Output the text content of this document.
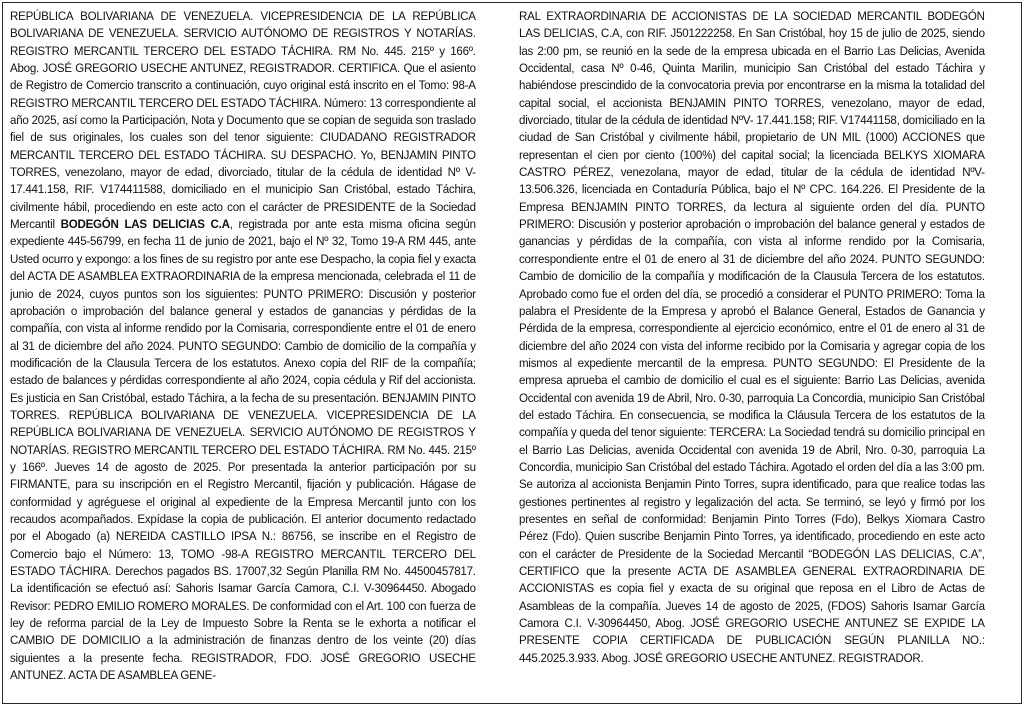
REPÚBLICA BOLIVARIANA DE VENEZUELA. VICEPRESIDENCIA DE LA REPÚBLICA BOLIVARIANA DE VENEZUELA. SERVICIO AUTÓNOMO DE REGISTROS Y NOTARÍAS. REGISTRO MERCANTIL TERCERO DEL ESTADO TÁCHIRA. RM No. 445. 215º y 166º. Abog. JOSÉ GREGORIO USECHE ANTUNEZ, REGISTRADOR. CERTIFICA. Que el asiento de Registro de Comercio transcrito a continuación, cuyo original está inscrito en el Tomo: 98-A REGISTRO MERCANTIL TERCERO DEL ESTADO TÁCHIRA. Número: 13 correspondiente al año 2025, así como la Participación, Nota y Documento que se copian de seguida son traslado fiel de sus originales, los cuales son del tenor siguiente: CIUDADANO REGISTRADOR MERCANTIL TERCERO DEL ESTADO TÁCHIRA. SU DESPACHO. Yo, BENJAMIN PINTO TORRES, venezolano, mayor de edad, divorciado, titular de la cédula de identidad Nº V- 17.441.158, RIF. V174411588, domiciliado en el municipio San Cristóbal, estado Táchira, civilmente hábil, procediendo en este acto con el carácter de PRESIDENTE de la Sociedad Mercantil BODEGÓN LAS DELICIAS C.A, registrada por ante esta misma oficina según expediente 445-56799, en fecha 11 de junio de 2021, bajo el Nº 32, Tomo 19-A RM 445, ante Usted ocurro y expongo: a los fines de su registro por ante ese Despacho, la copia fiel y exacta del ACTA DE ASAMBLEA EXTRAORDINARIA de la empresa mencionada, celebrada el 11 de junio de 2024, cuyos puntos son los siguientes: PUNTO PRIMERO: Discusión y posterior aprobación o improbación del balance general y estados de ganancias y pérdidas de la compañía, con vista al informe rendido por la Comisaria, correspondiente entre el 01 de enero al 31 de diciembre del año 2024. PUNTO SEGUNDO: Cambio de domicilio de la compañía y modificación de la Clausula Tercera de los estatutos. Anexo copia del RIF de la compañía; estado de balances y pérdidas correspondiente al año 2024, copia cédula y Rif del accionista. Es justicia en San Cristóbal, estado Táchira, a la fecha de su presentación. BENJAMIN PINTO TORRES. REPÚBLICA BOLIVARIANA DE VENEZUELA. VICEPRESIDENCIA DE LA REPÚBLICA BOLIVARIANA DE VENEZUELA. SERVICIO AUTÓNOMO DE REGISTROS Y NOTARÍAS. REGISTRO MERCANTIL TERCERO DEL ESTADO TÁCHIRA. RM No. 445. 215º y 166º. Jueves 14 de agosto de 2025. Por presentada la anterior participación por su FIRMANTE, para su inscripción en el Registro Mercantil, fijación y publicación. Hágase de conformidad y agréguese el original al expediente de la Empresa Mercantil junto con los recaudos acompañados. Expídase la copia de publicación. El anterior documento redactado por el Abogado (a) NEREIDA CASTILLO IPSA N.: 86756, se inscribe en el Registro de Comercio bajo el Número: 13, TOMO -98-A REGISTRO MERCANTIL TERCERO DEL ESTADO TÁCHIRA. Derechos pagados BS. 17007,32 Según Planilla RM No. 44500457817. La identificación se efectuó así: Sahoris Isamar García Camora, C.I. V-30964450. Abogado Revisor: PEDRO EMILIO ROMERO MORALES. De conformidad con el Art. 100 con fuerza de ley de reforma parcial de la Ley de Impuesto Sobre la Renta se le exhorta a notificar el CAMBIO DE DOMICILIO a la administración de finanzas dentro de los veinte (20) días siguientes a la presente fecha. REGISTRADOR, FDO. JOSÉ GREGORIO USECHE ANTUNEZ. ACTA DE ASAMBLEA GENE-

RAL EXTRAORDINARIA DE ACCIONISTAS DE LA SOCIEDAD MERCANTIL BODEGÓN LAS DELICIAS, C.A, con RIF. J501222258. En San Cristóbal, hoy 15 de julio de 2025, siendo las 2:00 pm, se reunió en la sede de la empresa ubicada en el Barrio Las Delicias, Avenida Occidental, casa Nº 0-46, Quinta Marilin, municipio San Cristóbal del estado Táchira y habiéndose prescindido de la convocatoria previa por encontrarse en la misma la totalidad del capital social, el accionista BENJAMIN PINTO TORRES, venezolano, mayor de edad, divorciado, titular de la cédula de identidad NºV- 17.441.158; RIF. V17441158, domiciliado en la ciudad de San Cristóbal y civilmente hábil, propietario de UN MIL (1000) ACCIONES que representan el cien por ciento (100%) del capital social; la licenciada BELKYS XIOMARA CASTRO PÉREZ, venezolana, mayor de edad, titular de la cédula de identidad NºV- 13.506.326, licenciada en Contaduría Pública, bajo el Nº CPC. 164.226. El Presidente de la Empresa BENJAMIN PINTO TORRES, da lectura al siguiente orden del día. PUNTO PRIMERO: Discusión y posterior aprobación o improbación del balance general y estados de ganancias y pérdidas de la compañía, con vista al informe rendido por la Comisaria, correspondiente entre el 01 de enero al 31 de diciembre del año 2024. PUNTO SEGUNDO: Cambio de domicilio de la compañía y modificación de la Clausula Tercera de los estatutos. Aprobado como fue el orden del día, se procedió a considerar el PUNTO PRIMERO: Toma la palabra el Presidente de la Empresa y aprobó el Balance General, Estados de Ganancia y Pérdida de la empresa, correspondiente al ejercicio económico, entre el 01 de enero al 31 de diciembre del año 2024 con vista del informe recibido por la Comisaria y agregar copia de los mismos al expediente mercantil de la empresa. PUNTO SEGUNDO: El Presidente de la empresa aprueba el cambio de domicilio el cual es el siguiente: Barrio Las Delicias, avenida Occidental con avenida 19 de Abril, Nro. 0-30, parroquia La Concordia, municipio San Cristóbal del estado Táchira. En consecuencia, se modifica la Cláusula Tercera de los estatutos de la compañía y queda del tenor siguiente: TERCERA: La Sociedad tendrá su domicilio principal en el Barrio Las Delicias, avenida Occidental con avenida 19 de Abril, Nro. 0-30, parroquia La Concordia, municipio San Cristóbal del estado Táchira. Agotado el orden del día a las 3:00 pm. Se autoriza al accionista Benjamin Pinto Torres, supra identificado, para que realice todas las gestiones pertinentes al registro y legalización del acta. Se terminó, se leyó y firmó por los presentes en señal de conformidad: Benjamin Pinto Torres (Fdo), Belkys Xiomara Castro Pérez (Fdo). Quien suscribe Benjamin Pinto Torres, ya identificado, procediendo en este acto con el carácter de Presidente de la Sociedad Mercantil “BODEGÓN LAS DELICIAS, C.A”, CERTIFICO que la presente ACTA DE ASAMBLEA GENERAL EXTRAORDINARIA DE ACCIONISTAS es copia fiel y exacta de su original que reposa en el Libro de Actas de Asambleas de la compañía. Jueves 14 de agosto de 2025, (FDOS) Sahoris Isamar García Camora C.I. V-30964450, Abog. JOSÉ GREGORIO USECHE ANTUNEZ SE EXPIDE LA PRESENTE COPIA CERTIFICADA DE PUBLICACIÓN SEGÚN PLANILLA NO.: 445.2025.3.933. Abog. JOSÉ GREGORIO USECHE ANTUNEZ. REGISTRADOR.
